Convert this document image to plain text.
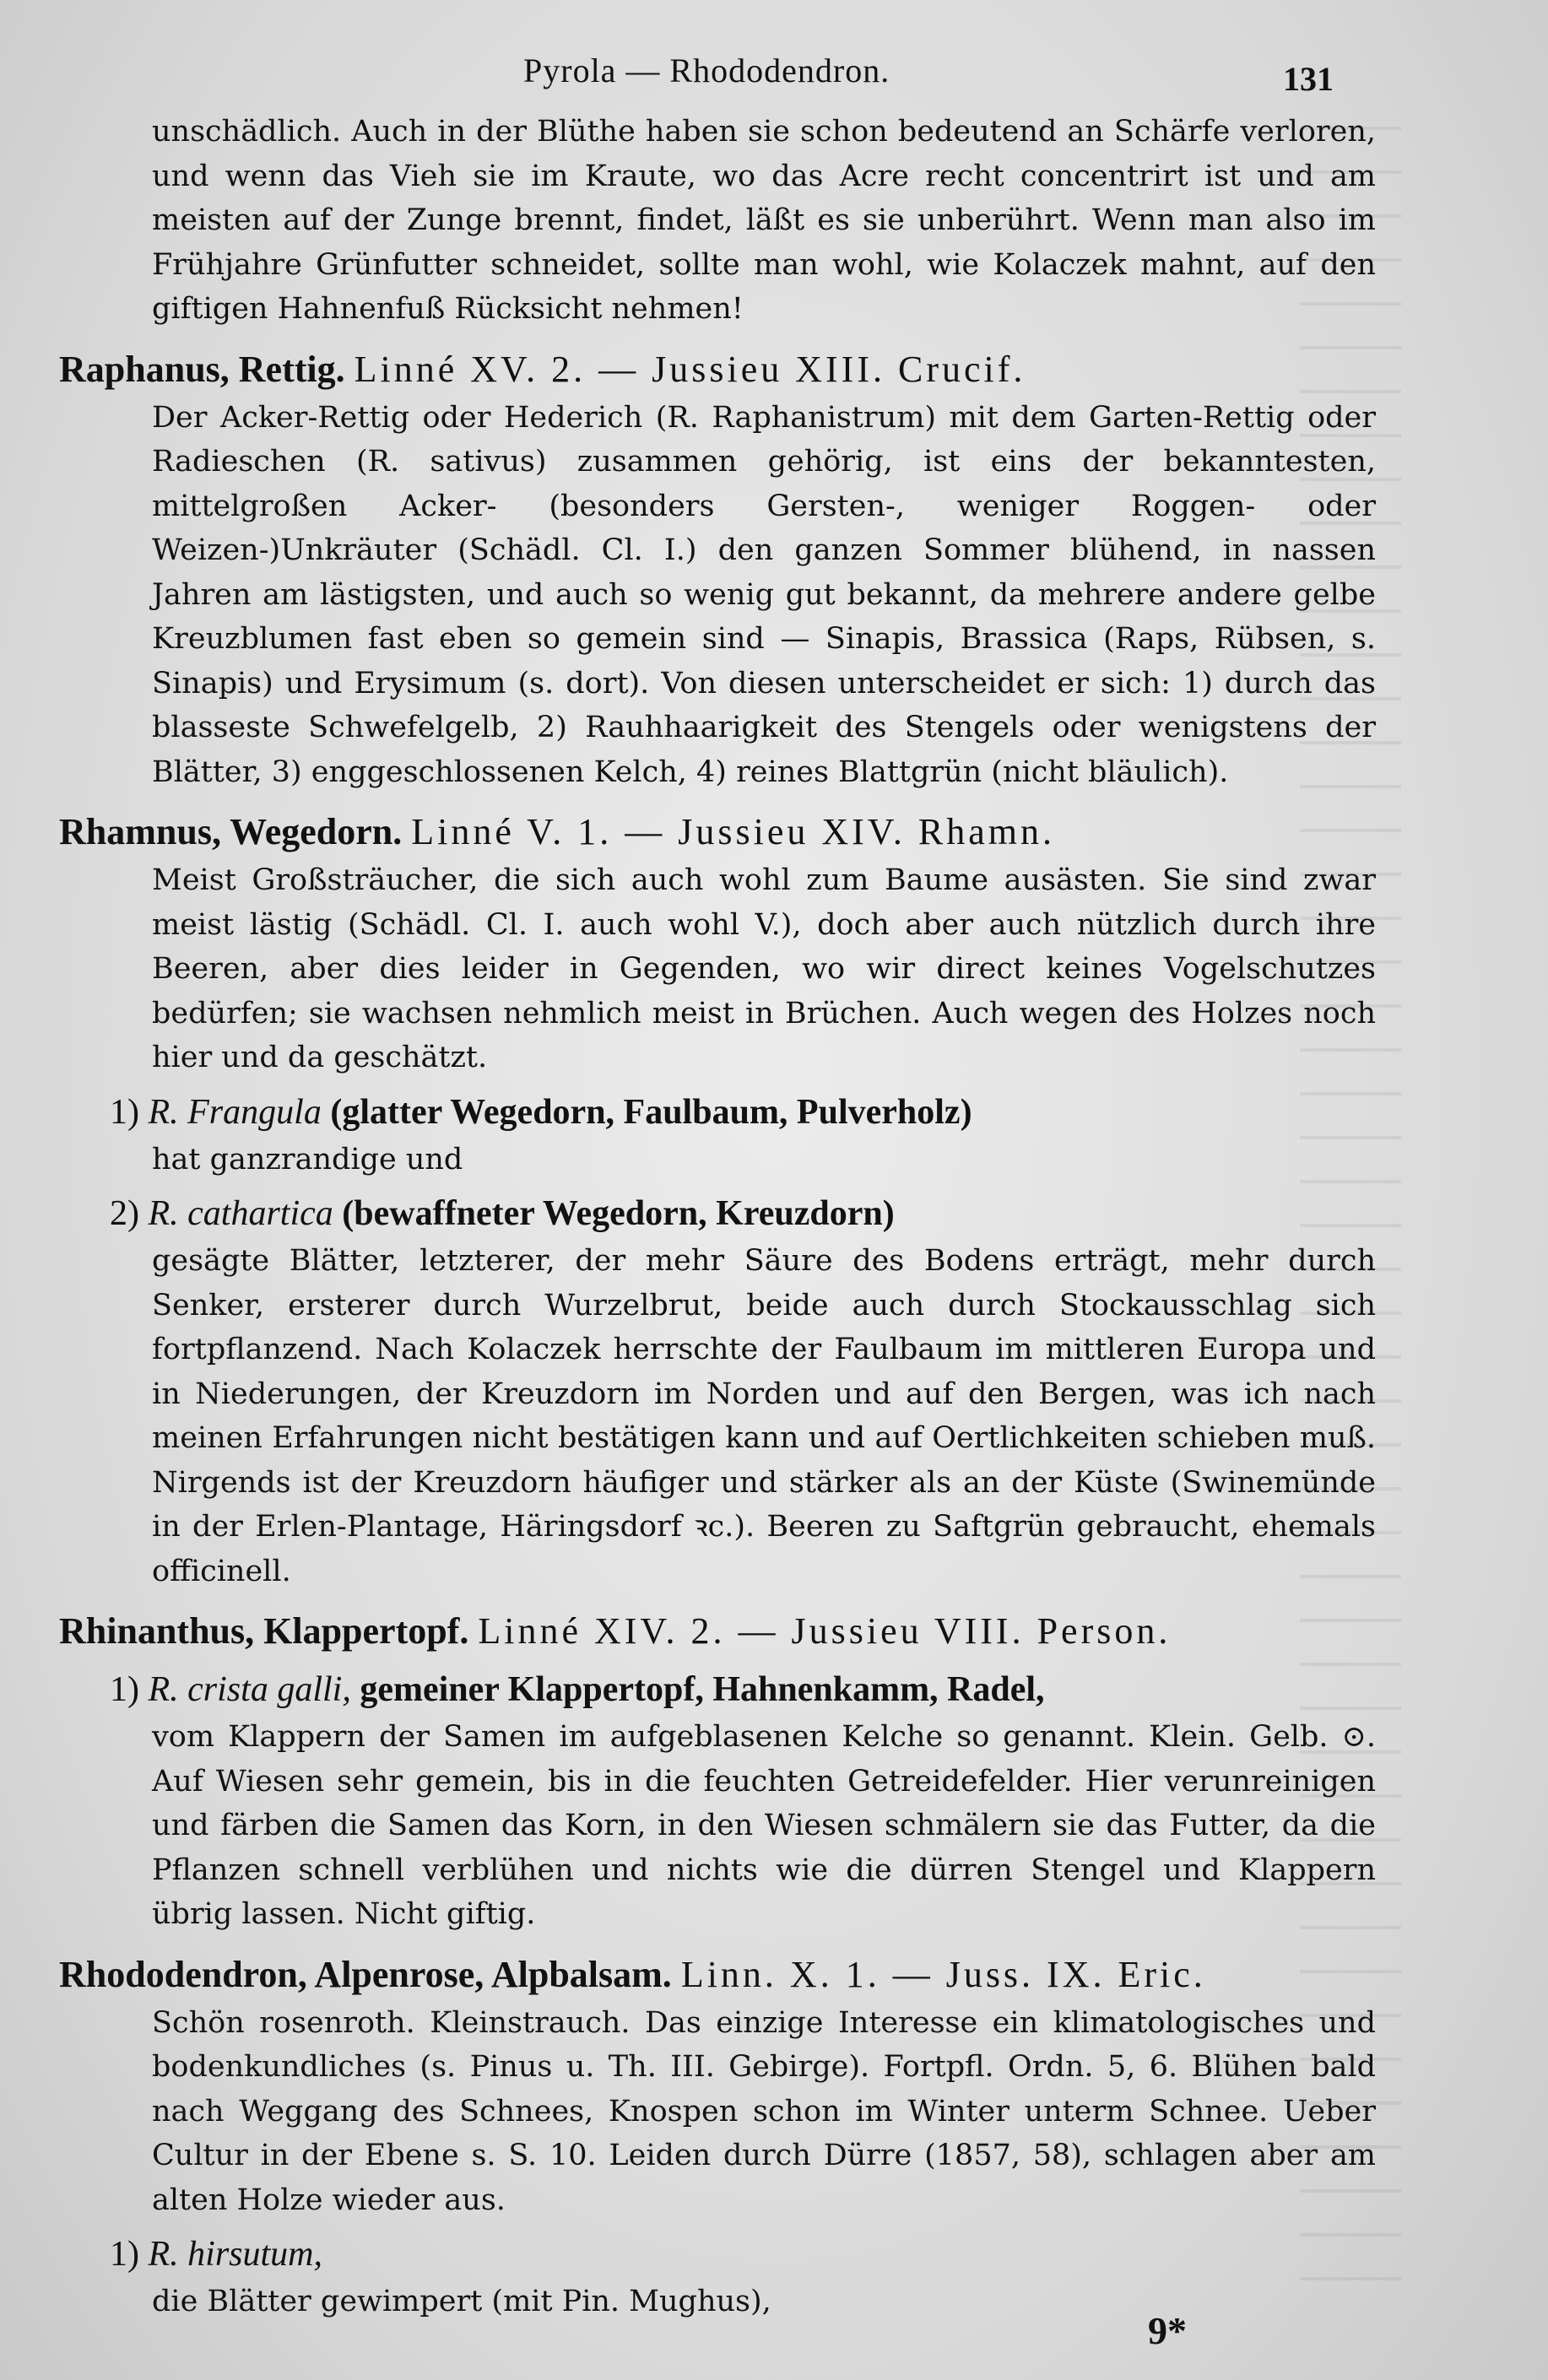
Pyrola — Rhododendron.	131

unschädlich. Auch in der Blüthe haben sie schon bedeutend an Schärfe verloren, und wenn das Vieh sie im Kraute, wo das Acre recht concentrirt ist und am meisten auf der Zunge brennt, findet, läßt es sie unberührt. Wenn man also im Frühjahre Grünfutter schneidet, sollte man wohl, wie Kolaczek mahnt, auf den giftigen Hahnenfuß Rücksicht nehmen!

Raphanus, Rettig. Linné XV. 2. — Jussieu XIII. Crucif.

Der Acker-Rettig oder Hederich (R. Raphanistrum) mit dem Garten-Rettig oder Radieschen (R. sativus) zusammen gehörig, ist eins der bekanntesten, mittelgroßen Acker- (besonders Gersten-, weniger Roggen- oder Weizen-)Unkräuter (Schädl. Cl. I.) den ganzen Sommer blühend, in nassen Jahren am lästigsten, und auch so wenig gut bekannt, da mehrere andere gelbe Kreuzblumen fast eben so gemein sind — Sinapis, Brassica (Raps, Rübsen, s. Sinapis) und Erysimum (s. dort). Von diesen unterscheidet er sich: 1) durch das blasseste Schwefelgelb, 2) Rauhhaarigkeit des Stengels oder wenigstens der Blätter, 3) enggeschlossenen Kelch, 4) reines Blattgrün (nicht bläulich).

Rhamnus, Wegedorn. Linné V. 1. — Jussieu XIV. Rhamn.

Meist Großsträucher, die sich auch wohl zum Baume ausästen. Sie sind zwar meist lästig (Schädl. Cl. I. auch wohl V.), doch aber auch nützlich durch ihre Beeren, aber dies leider in Gegenden, wo wir direct keines Vogelschutzes bedürfen; sie wachsen nehmlich meist in Brüchen. Auch wegen des Holzes noch hier und da geschätzt.

1) R. Frangula (glatter Wegedorn, Faulbaum, Pulverholz)

hat ganzrandige und

2) R. cathartica (bewaffneter Wegedorn, Kreuzdorn)

gesägte Blätter, letzterer, der mehr Säure des Bodens erträgt, mehr durch Senker, ersterer durch Wurzelbrut, beide auch durch Stockausschlag sich fortpflanzend. Nach Kolaczek herrschte der Faulbaum im mittleren Europa und in Niederungen, der Kreuzdorn im Norden und auf den Bergen, was ich nach meinen Erfahrungen nicht bestätigen kann und auf Oertlichkeiten schieben muß. Nirgends ist der Kreuzdorn häufiger und stärker als an der Küste (Swinemünde in der Erlen-Plantage, Häringsdorf ꝛc.). Beeren zu Saftgrün gebraucht, ehemals officinell.

Rhinanthus, Klappertopf. Linné XIV. 2. — Jussieu VIII. Person.

1) R. crista galli, gemeiner Klappertopf, Hahnenkamm, Radel,

vom Klappern der Samen im aufgeblasenen Kelche so genannt. Klein. Gelb. ⊙. Auf Wiesen sehr gemein, bis in die feuchten Getreidefelder. Hier verunreinigen und färben die Samen das Korn, in den Wiesen schmälern sie das Futter, da die Pflanzen schnell verblühen und nichts wie die dürren Stengel und Klappern übrig lassen. Nicht giftig.

Rhododendron, Alpenrose, Alpbalsam. Linn. X. 1. — Juss. IX. Eric.

Schön rosenroth. Kleinstrauch. Das einzige Interesse ein klimatologisches und bodenkundliches (s. Pinus u. Th. III. Gebirge). Fortpfl. Ordn. 5, 6. Blühen bald nach Weggang des Schnees, Knospen schon im Winter unterm Schnee. Ueber Cultur in der Ebene s. S. 10. Leiden durch Dürre (1857, 58), schlagen aber am alten Holze wieder aus.

1) R. hirsutum,

die Blätter gewimpert (mit Pin. Mughus),

9*
